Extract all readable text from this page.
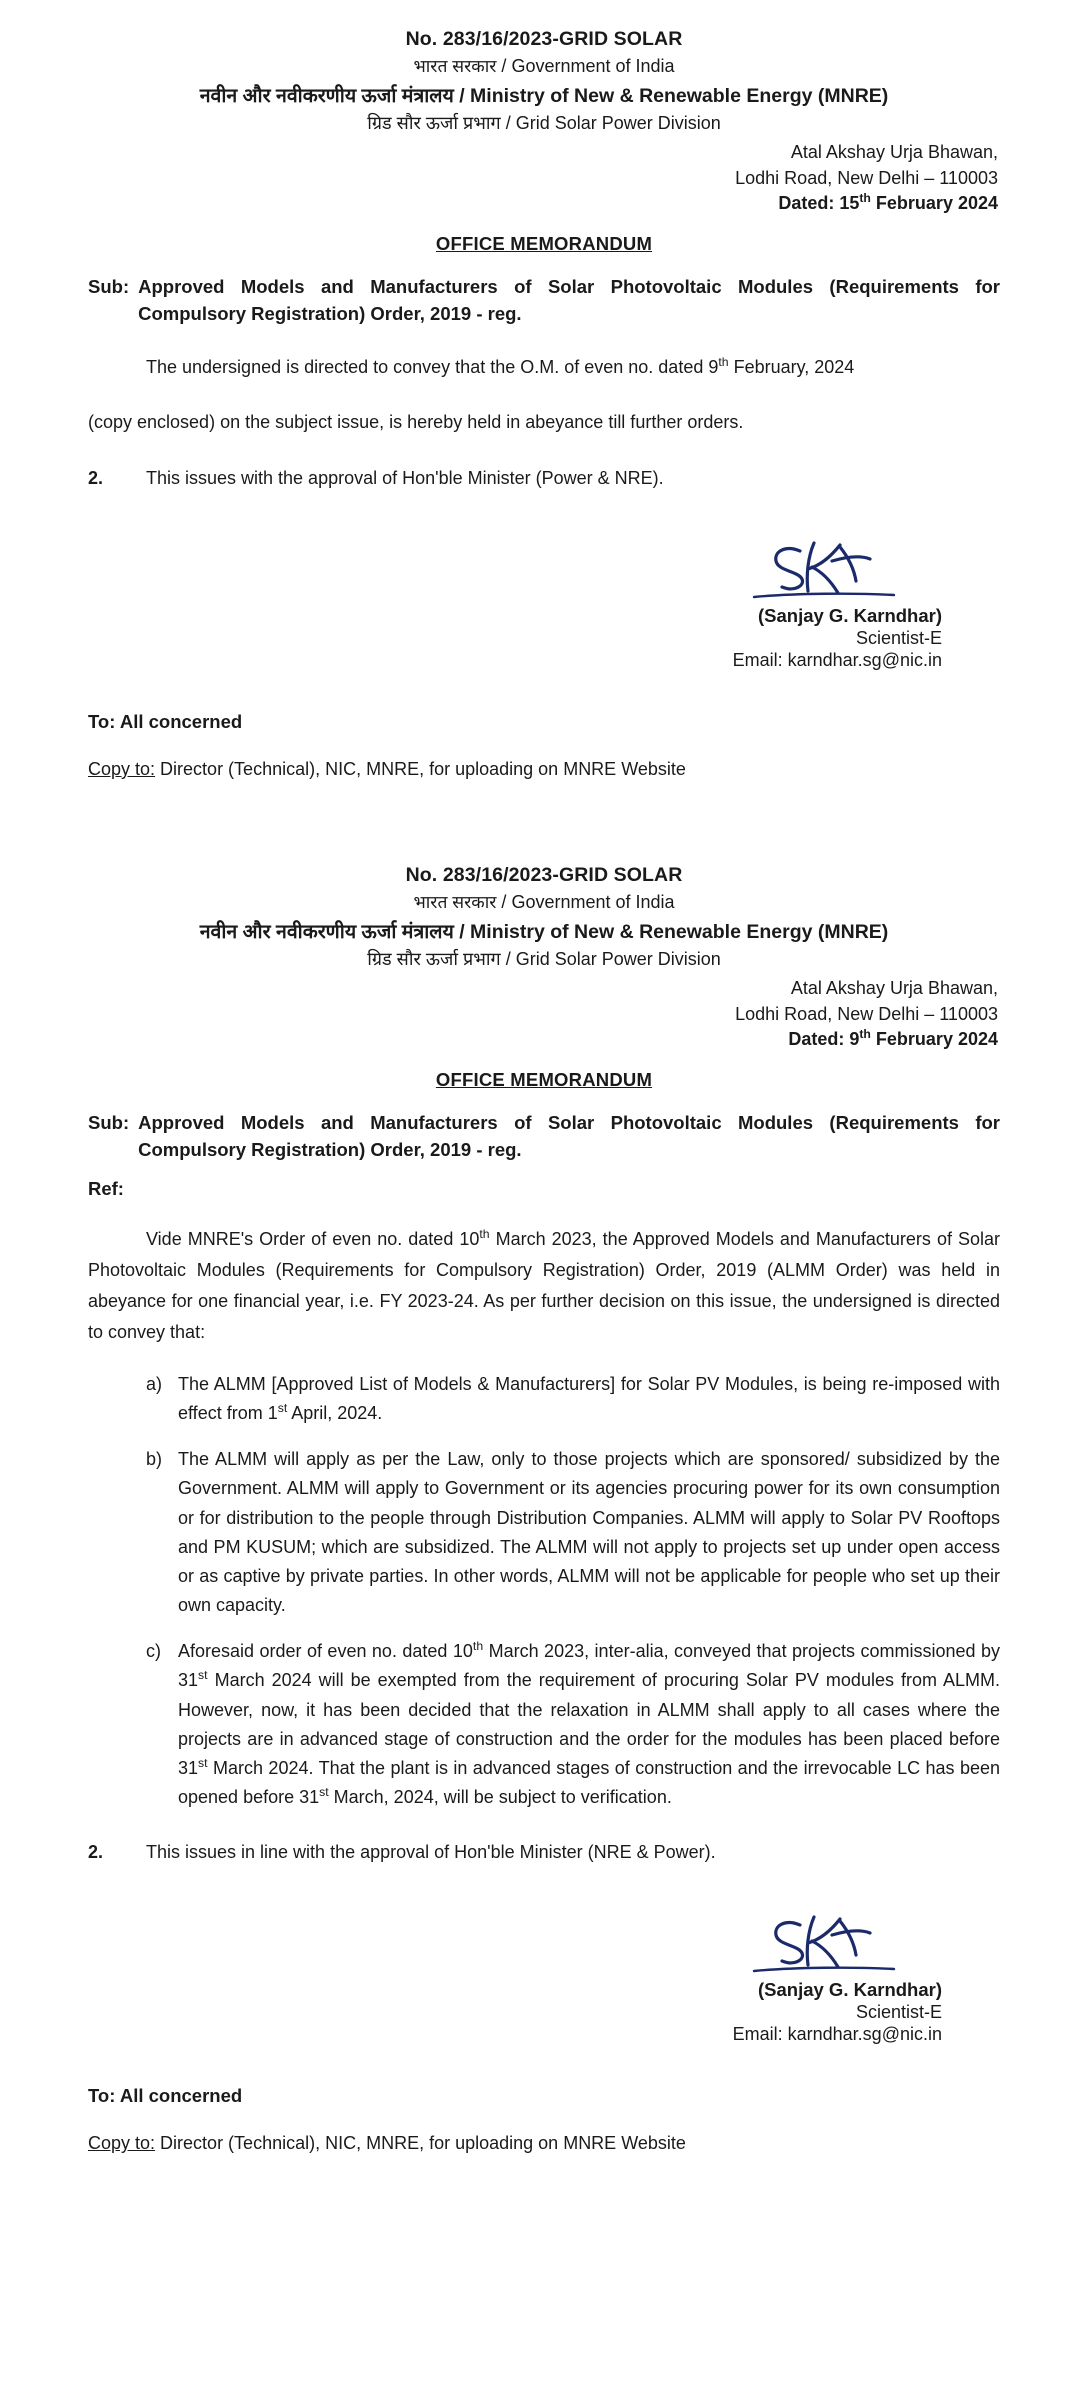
No. 283/16/2023-GRID SOLAR
भारत सरकार / Government of India
नवीन और नवीकरणीय ऊर्जा मंत्रालय / Ministry of New & Renewable Energy (MNRE)
ग्रिड सौर ऊर्जा प्रभाग / Grid Solar Power Division
Atal Akshay Urja Bhawan,
Lodhi Road, New Delhi – 110003
Dated: 15th February 2024
OFFICE MEMORANDUM
Sub: Approved Models and Manufacturers of Solar Photovoltaic Modules (Requirements for Compulsory Registration) Order, 2019 - reg.
The undersigned is directed to convey that the O.M. of even no. dated 9th February, 2024
(copy enclosed) on the subject issue, is hereby held in abeyance till further orders.
2.	This issues with the approval of Hon'ble Minister (Power & NRE).
(Sanjay G. Karndhar)
Scientist-E
Email: karndhar.sg@nic.in
To: All concerned
Copy to: Director (Technical), NIC, MNRE, for uploading on MNRE Website
No. 283/16/2023-GRID SOLAR
भारत सरकार / Government of India
नवीन और नवीकरणीय ऊर्जा मंत्रालय / Ministry of New & Renewable Energy (MNRE)
ग्रिड सौर ऊर्जा प्रभाग / Grid Solar Power Division
Atal Akshay Urja Bhawan,
Lodhi Road, New Delhi – 110003
Dated: 9th February 2024
OFFICE MEMORANDUM
Sub: Approved Models and Manufacturers of Solar Photovoltaic Modules (Requirements for Compulsory Registration) Order, 2019 - reg.
Ref:
Vide MNRE's Order of even no. dated 10th March 2023, the Approved Models and Manufacturers of Solar Photovoltaic Modules (Requirements for Compulsory Registration) Order, 2019 (ALMM Order) was held in abeyance for one financial year, i.e. FY 2023-24. As per further decision on this issue, the undersigned is directed to convey that:
a) The ALMM [Approved List of Models & Manufacturers] for Solar PV Modules, is being re-imposed with effect from 1st April, 2024.
b) The ALMM will apply as per the Law, only to those projects which are sponsored/ subsidized by the Government. ALMM will apply to Government or its agencies procuring power for its own consumption or for distribution to the people through Distribution Companies. ALMM will apply to Solar PV Rooftops and PM KUSUM; which are subsidized. The ALMM will not apply to projects set up under open access or as captive by private parties. In other words, ALMM will not be applicable for people who set up their own capacity.
c) Aforesaid order of even no. dated 10th March 2023, inter-alia, conveyed that projects commissioned by 31st March 2024 will be exempted from the requirement of procuring Solar PV modules from ALMM. However, now, it has been decided that the relaxation in ALMM shall apply to all cases where the projects are in advanced stage of construction and the order for the modules has been placed before 31st March 2024. That the plant is in advanced stages of construction and the irrevocable LC has been opened before 31st March, 2024, will be subject to verification.
2.	This issues in line with the approval of Hon'ble Minister (NRE & Power).
(Sanjay G. Karndhar)
Scientist-E
Email: karndhar.sg@nic.in
To: All concerned
Copy to: Director (Technical), NIC, MNRE, for uploading on MNRE Website
